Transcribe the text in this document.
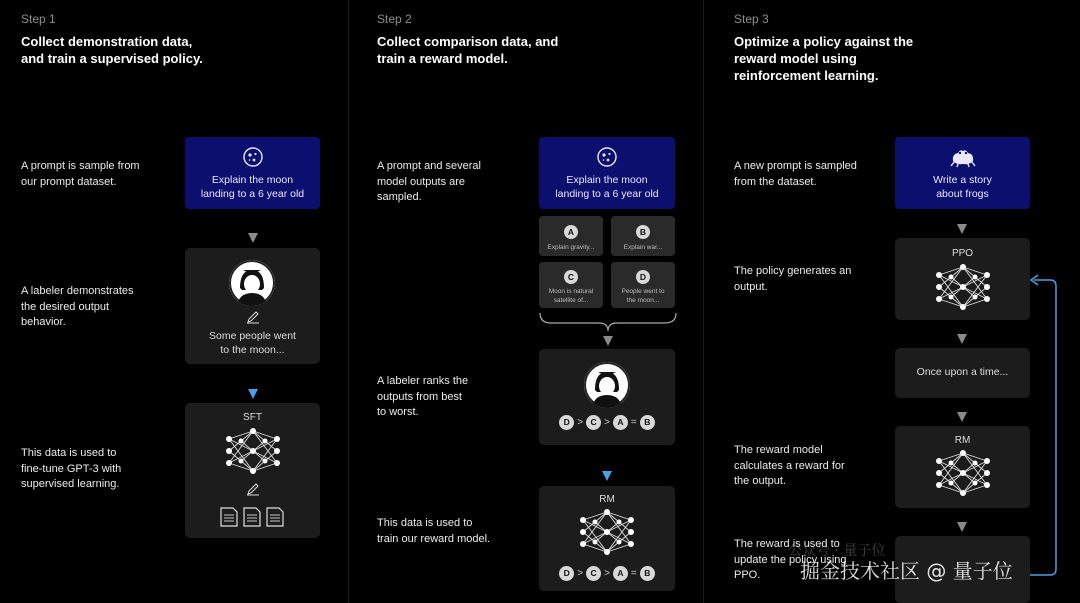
Step 1
Collect demonstration data,
and train a supervised policy.
A prompt is sample from
our prompt dataset.
A labeler demonstrates
the desired output
behavior.
This data is used to
fine-tune GPT-3 with
supervised learning.
Explain the moon
landing to a 6 year old
Some people went
to the moon...
SFT
Step 2
Collect comparison data, and
train a reward model.
A prompt and several
model outputs are
sampled.
A labeler ranks the
outputs from best
to worst.
This data is used to
train our reward model.
Explain the moon
landing to a 6 year old
A
Explain gravity...
B
Explain war...
C
Moon is natural
satellite of...
D
People went to
the moon...
D > C > A = B
RM
D > C > A = B
Step 3
Optimize a policy against the
reward model using
reinforcement learning.
A new prompt is sampled
from the dataset.
The policy generates an
output.
The reward model
calculates a reward for
the output.
The reward is used to
update the policy using
PPO.
Write a story
about frogs
PPO
Once upon a time...
RM
公众号 · 量子位
掘金技术社区 @ 量子位
